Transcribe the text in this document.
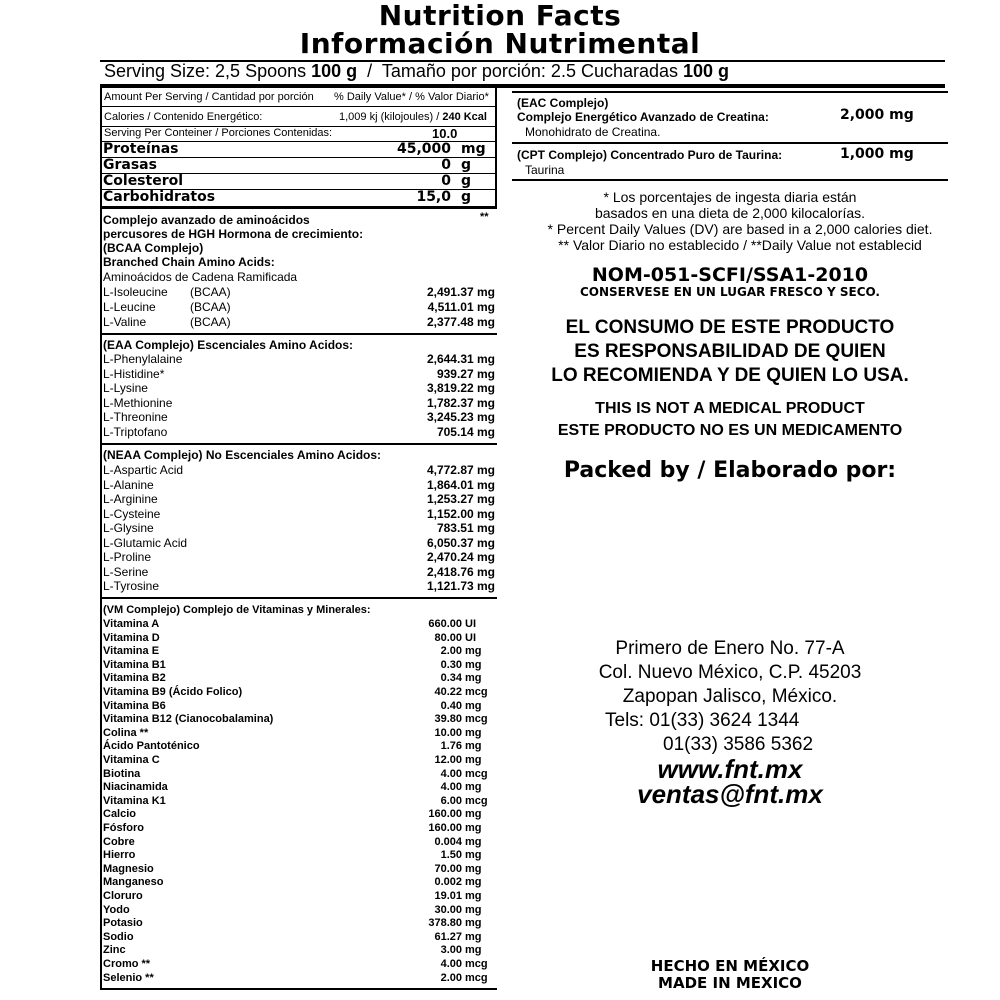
Nutrition Facts
Información Nutrimental
Serving Size: 2,5 Spoons 100 g  /  Tamaño por porción: 2.5 Cucharadas 100 g
Amount Per Serving / Cantidad por porción % Daily Value* / % Valor Diario*
Calories / Contenido Energético:	1,009 kj (kilojoules) / 240 Kcal
Serving Per Conteiner / Porciones Contenidas:	10.0
Proteínas	45,000 mg
Grasas	0 g
Colesterol	0 g
Carbohidratos	15,0 g
Complejo avanzado de aminoácidos	**
percusores de HGH Hormona de crecimiento:
(BCAA Complejo)
Branched Chain Amino Acids:
Aminoácidos de Cadena Ramificada
L-Isoleucine (BCAA)	2,491.37 mg
L-Leucine	(BCAA)	4,511.01 mg
L-Valine	(BCAA)	2,377.48 mg
(EAA Complejo) Escenciales Amino Acidos:
L-Phenylalaine	2,644.31 mg
L-Histidine*	939.27 mg
L-Lysine	3,819.22 mg
L-Methionine	1,782.37 mg
L-Threonine	3,245.23 mg
L-Triptofano	705.14 mg
(NEAA Complejo) No Escenciales Amino Acidos:
L-Aspartic Acid	4,772.87 mg
L-Alanine	1,864.01 mg
L-Arginine	1,253.27 mg
L-Cysteine	1,152.00 mg
L-Glysine	783.51 mg
L-Glutamic Acid	6,050.37 mg
L-Proline	2,470.24 mg
L-Serine	2,418.76 mg
L-Tyrosine	1,121.73 mg
(VM Complejo) Complejo de Vitaminas y Minerales:
Vitamina A	660.00 UI
Vitamina D	80.00 UI
Vitamina E	2.00 mg
Vitamina B1	0.30 mg
Vitamina B2	0.34 mg
Vitamina B9 (Ácido Folico)	40.22 mcg
Vitamina B6	0.40 mg
Vitamina B12 (Cianocobalamina)	39.80 mcg
Colina **	10.00 mg
Ácido Pantoténico	1.76 mg
Vitamina C	12.00 mg
Biotina	4.00 mcg
Niacinamida	4.00 mg
Vitamina K1	6.00 mcg
Calcio	160.00 mg
Fósforo	160.00 mg
Cobre	0.004 mg
Hierro	1.50 mg
Magnesio	70.00 mg
Manganeso	0.002 mg
Cloruro	19.01 mg
Yodo	30.00 mg
Potasio	378.80 mg
Sodio	61.27 mg
Zinc	3.00 mg
Cromo **	4.00 mcg
Selenio **	2.00 mcg
(EAC Complejo)
Complejo Energético Avanzado de Creatina:	2,000 mg
Monohidrato de Creatina.
(CPT Complejo) Concentrado Puro de Taurina:	1,000 mg
Taurina
* Los porcentajes de ingesta diaria están
basados en una dieta de 2,000 kilocalorías.
* Percent Daily Values (DV) are based in a 2,000 calories diet.
** Valor Diario no establecido / **Daily Value not establecid
NOM-051-SCFI/SSA1-2010
CONSERVESE EN UN LUGAR FRESCO Y SECO.
EL CONSUMO DE ESTE PRODUCTO
ES RESPONSABILIDAD DE QUIEN
LO RECOMIENDA Y DE QUIEN LO USA.
THIS IS NOT A MEDICAL PRODUCT
ESTE PRODUCTO NO ES UN MEDICAMENTO
Packed by / Elaborado por:
Primero de Enero No. 77-A
Col. Nuevo México, C.P. 45203
Zapopan Jalisco, México.
Tels: 01(33) 3624 1344
01(33) 3586 5362
www.fnt.mx
ventas@fnt.mx
HECHO EN MÉXICO
MADE IN MEXICO
